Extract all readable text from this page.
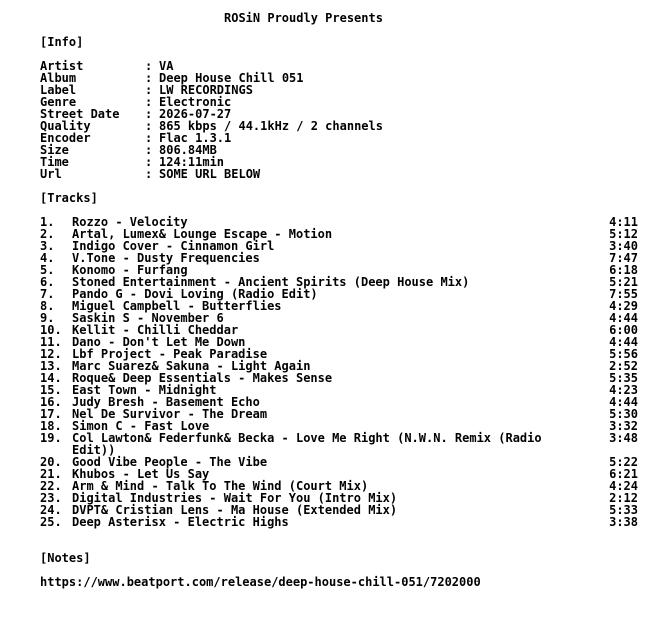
ROSiN Proudly Presents
[Info]
Artist	: VA
Album	: Deep House Chill 051
Label	: LW RECORDINGS
Genre	: Electronic
Street Date : 2026-07-27
Quality	: 865 kbps / 44.1kHz / 2 channels
Encoder	: Flac 1.3.1
Size	: 806.84MB
Time	: 124:11min
Url	: SOME URL BELOW
[Tracks]
1. Rozzo - Velocity	4:11
2. Artal, Lumex& Lounge Escape - Motion	5:12
3. Indigo Cover - Cinnamon Girl	3:40
4. V.Tone - Dusty Frequencies	7:47
5. Konomo - Furfang	6:18
6. Stoned Entertainment - Ancient Spirits (Deep House Mix)	5:21
7. Pando G - Dovi Loving (Radio Edit)	7:55
8. Miguel Campbell - Butterflies	4:29
9. Saskin S - November 6	4:44
10. Kellit - Chilli Cheddar	6:00
11. Dano - Don't Let Me Down	4:44
12. Lbf Project - Peak Paradise	5:56
13. Marc Suarez& Sakuna - Light Again	2:52
14. Roque& Deep Essentials - Makes Sense	5:35
15. East Town - Midnight	4:23
16. Judy Bresh - Basement Echo	4:44
17. Nel De Survivor - The Dream	5:30
18. Simon C - Fast Love	3:32
19. Col Lawton& Federfunk& Becka - Love Me Right (N.W.N. Remix (Radio	3:48
Edit))
20. Good Vibe People - The Vibe	5:22
21. Khubos - Let Us Say	6:21
22. Arm & Mind - Talk To The Wind (Court Mix)	4:24
23. Digital Industries - Wait For You (Intro Mix)	2:12
24. DVPT& Cristian Lens - Ma House (Extended Mix)	5:33
25. Deep Asterisx - Electric Highs	3:38
[Notes]
https://www.beatport.com/release/deep-house-chill-051/7202000
